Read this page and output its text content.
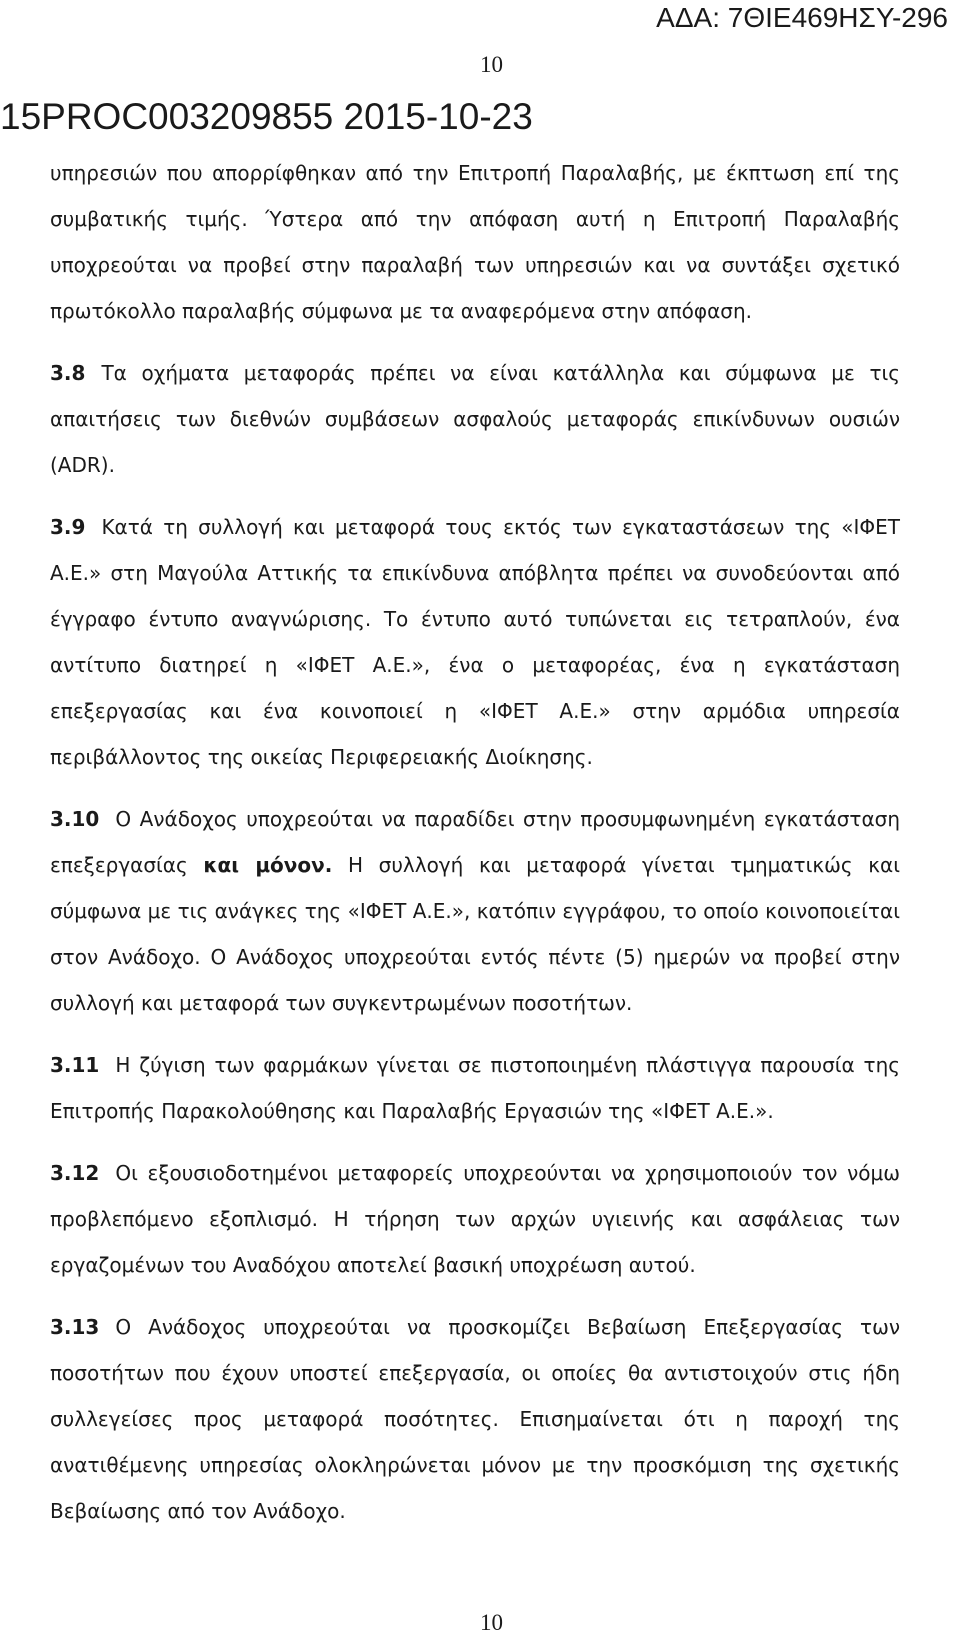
ΑΔΑ: 7ΘΙΕ469ΗΣΥ-296
10
15PROC003209855 2015-10-23

υπηρεσιών που απορρίφθηκαν από την Επιτροπή Παραλαβής, με έκπτωση επί της συμβατικής τιμής. Ύστερα από την απόφαση αυτή η Επιτροπή Παραλαβής υποχρεούται να προβεί στην παραλαβή των υπηρεσιών και να συντάξει σχετικό πρωτόκολλο παραλαβής σύμφωνα με τα αναφερόμενα στην απόφαση.

3.8 Τα οχήματα μεταφοράς πρέπει να είναι κατάλληλα και σύμφωνα με τις απαιτήσεις των διεθνών συμβάσεων ασφαλούς μεταφοράς επικίνδυνων ουσιών (ADR).

3.9 Κατά τη συλλογή και μεταφορά τους εκτός των εγκαταστάσεων της «ΙΦΕΤ Α.Ε.» στη Μαγούλα Αττικής τα επικίνδυνα απόβλητα πρέπει να συνοδεύονται από έγγραφο έντυπο αναγνώρισης. Το έντυπο αυτό τυπώνεται εις τετραπλούν, ένα αντίτυπο διατηρεί η «ΙΦΕΤ Α.Ε.», ένα ο μεταφορέας, ένα η εγκατάσταση επεξεργασίας και ένα κοινοποιεί η «ΙΦΕΤ Α.Ε.» στην αρμόδια υπηρεσία περιβάλλοντος της οικείας Περιφερειακής Διοίκησης.

3.10 Ο Ανάδοχος υποχρεούται να παραδίδει στην προσυμφωνημένη εγκατάσταση επεξεργασίας και μόνον. Η συλλογή και μεταφορά γίνεται τμηματικώς και σύμφωνα με τις ανάγκες της «ΙΦΕΤ Α.Ε.», κατόπιν εγγράφου, το οποίο κοινοποιείται στον Ανάδοχο. Ο Ανάδοχος υποχρεούται εντός πέντε (5) ημερών να προβεί στην συλλογή και μεταφορά των συγκεντρωμένων ποσοτήτων.

3.11 Η ζύγιση των φαρμάκων γίνεται σε πιστοποιημένη πλάστιγγα παρουσία της Επιτροπής Παρακολούθησης και Παραλαβής Εργασιών της «ΙΦΕΤ Α.Ε.».

3.12 Οι εξουσιοδοτημένοι μεταφορείς υποχρεούνται να χρησιμοποιούν τον νόμω προβλεπόμενο εξοπλισμό. Η τήρηση των αρχών υγιεινής και ασφάλειας των εργαζομένων του Αναδόχου αποτελεί βασική υποχρέωση αυτού.

3.13 Ο Ανάδοχος υποχρεούται να προσκομίζει Βεβαίωση Επεξεργασίας των ποσοτήτων που έχουν υποστεί επεξεργασία, οι οποίες θα αντιστοιχούν στις ήδη συλλεγείσες προς μεταφορά ποσότητες. Επισημαίνεται ότι η παροχή της ανατιθέμενης υπηρεσίας ολοκληρώνεται μόνον με την προσκόμιση της σχετικής Βεβαίωσης από τον Ανάδοχο.

10
